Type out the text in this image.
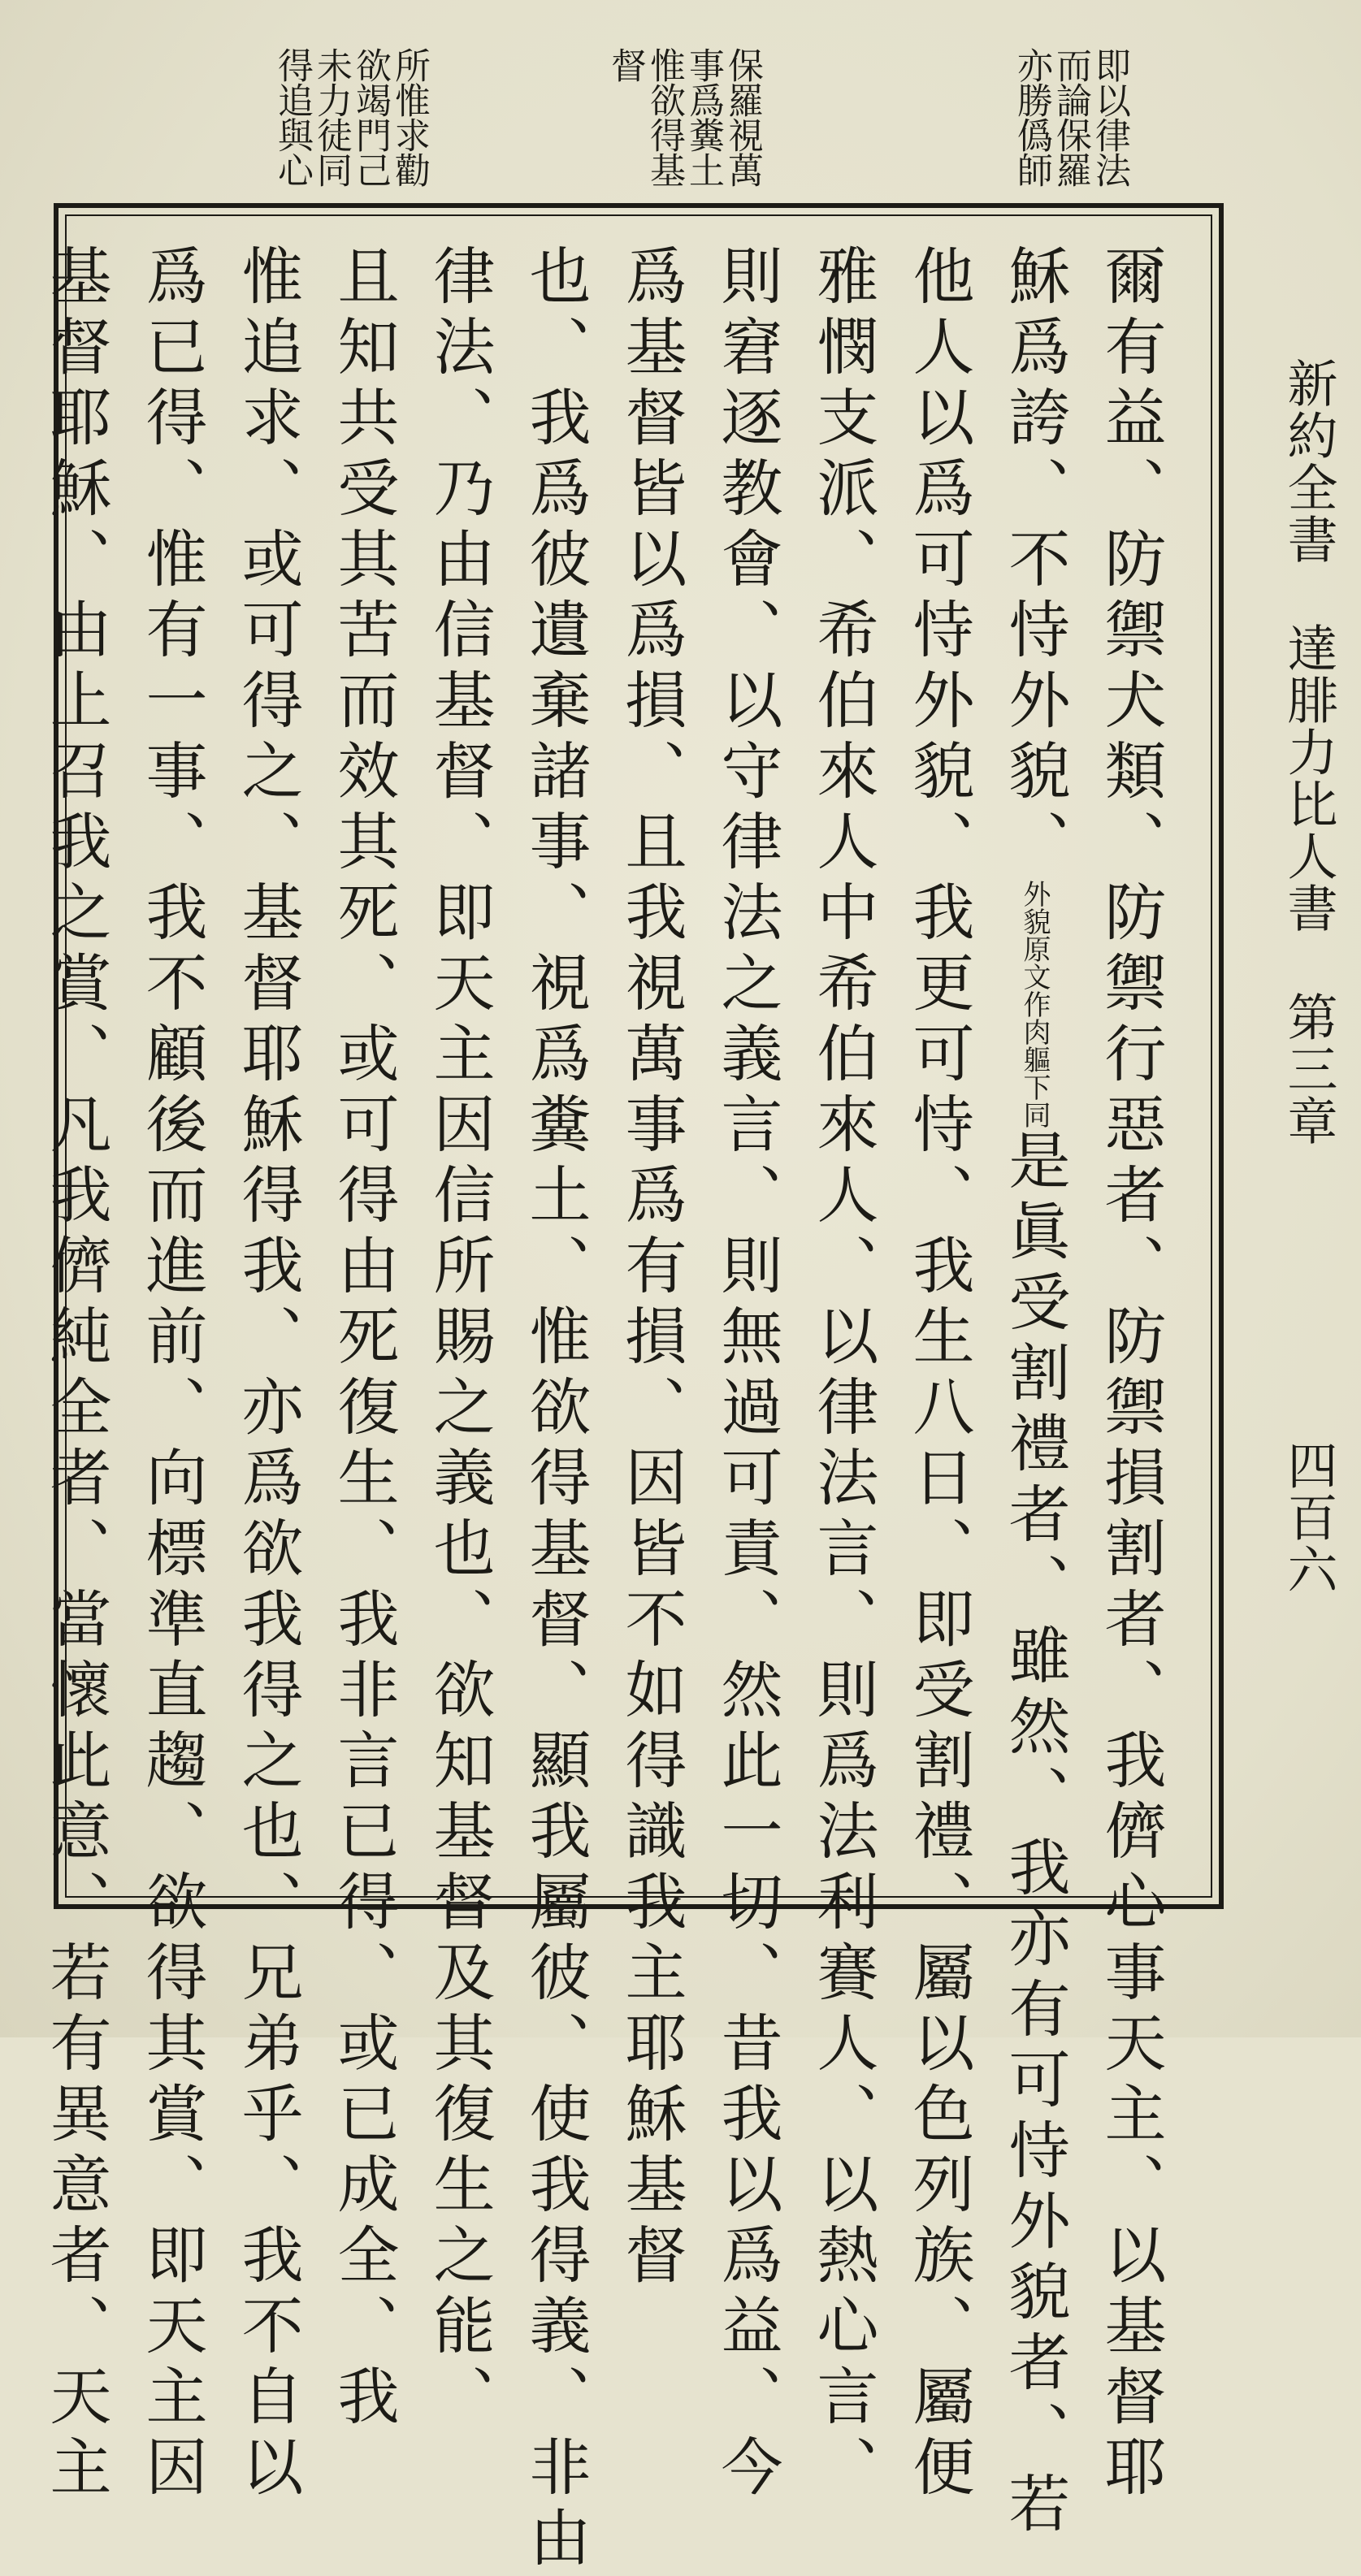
新約全書達腓力比人書第三章四百六
即以律法
而論保羅
亦勝僞師
保羅視萬
事爲糞土
惟欲得基
督
所惟求勸
欲竭門己
未力徒同
得追與心
爾有益、防禦犬類、防禦行惡者、防禦損割者、我儕心事天主、以基督耶
穌爲誇、不恃外貌、外貌原文作肉軀下同是眞受割禮者、雖然、我亦有可恃外貌者、若
他人以爲可恃外貌、我更可恃、我生八日、即受割禮、屬以色列族、屬便
雅憫支派、希伯來人中希伯來人、以律法言、則爲法利賽人、以熱心言、
則窘逐教會、以守律法之義言、則無過可責、然此一切、昔我以爲益、今
爲基督皆以爲損、且我視萬事爲有損、因皆不如得識我主耶穌基督
也、我爲彼遺棄諸事、視爲糞土、惟欲得基督、顯我屬彼、使我得義、非由
律法、乃由信基督、即天主因信所賜之義也、欲知基督及其復生之能、
且知共受其苦而效其死、或可得由死復生、我非言已得、或已成全、我
惟追求、或可得之、基督耶穌得我、亦爲欲我得之也、兄弟乎、我不自以
爲已得、惟有一事、我不顧後而進前、向標準直趨、欲得其賞、即天主因
基督耶穌、由上召我之賞、凡我儕純全者、當懷此意、若有異意者、天主
